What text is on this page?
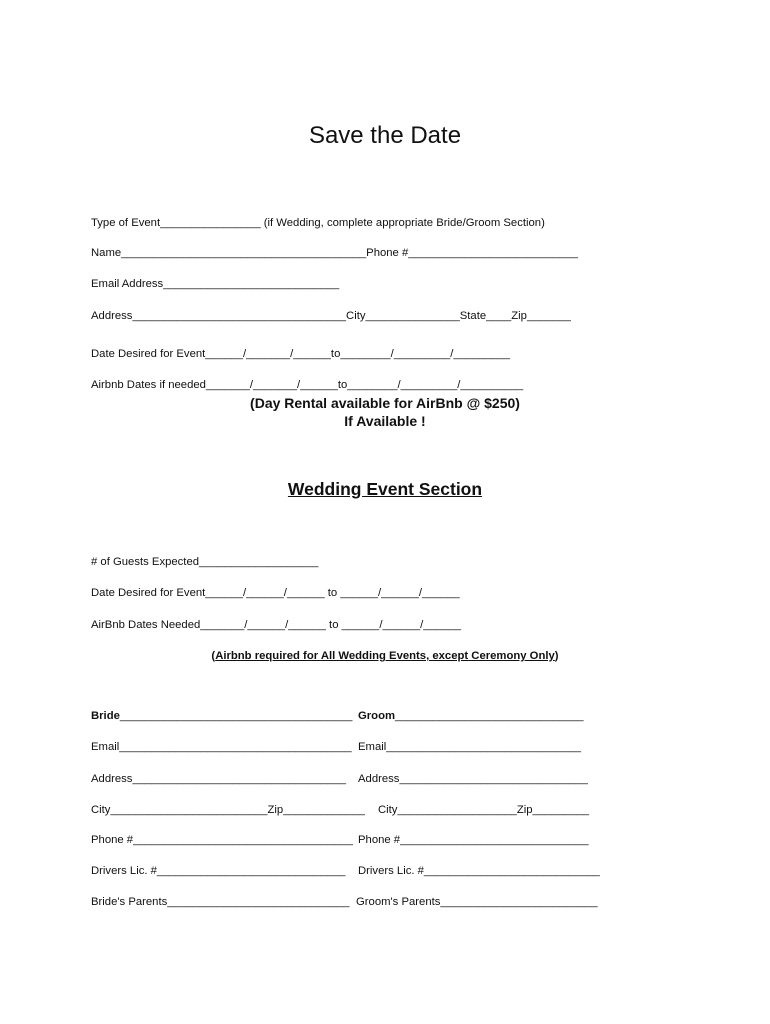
Save the Date
Type of Event________________ (if Wedding, complete appropriate Bride/Groom Section)
Name_______________________________________Phone #___________________________
Email Address____________________________
Address__________________________________City_______________State____Zip_______
Date Desired for Event______/_______/______to________/_________/_________
Airbnb Dates if needed_______/_______/______to________/_________/__________
(Day Rental available for AirBnb @ $250)
If Available !
Wedding Event Section
# of Guests Expected___________________
Date Desired for Event______/______/______ to ______/______/______
AirBnb Dates Needed_______/______/______ to ______/______/______
(Airbnb required for All Wedding Events, except Ceremony Only)
Bride_____________________________________ Groom______________________________
Email_____________________________________ Email_______________________________
Address__________________________________ Address______________________________
City_________________________Zip_____________ City___________________Zip_________
Phone #___________________________________ Phone #______________________________
Drivers Lic. #______________________________ Drivers Lic. #____________________________
Bride's Parents_____________________________ Groom's Parents_________________________
